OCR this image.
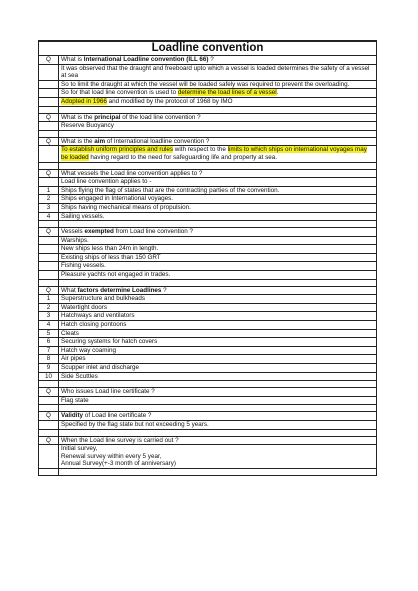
Loadline convention	
Q	What is International Loadline convention (ILL 66) ?
	It was observed that the draught and freeboard upto which a vessel is loaded determines the safety of a vessel at sea
	So to limit the draught at which the vessel will be loaded safely was required to prevent the overloading.
	So for that load line convention is used to determine the load lines of a vessel.
	Adopted in 1966 and modified by the protocol of 1968 by IMO

Q	What is the principal of the load line convention ?
	Reserve Buoyancy

Q	What is the aim of International loadline convention ?
	To establish uniform principles and rules with respect to the limits to which ships on international voyages may be loaded having regard to the need for safeguarding life and property at sea.

Q	What vessels the Load line convention applies to ?
	Load line convention applies to -
1	Ships flying the flag of states that are the contracting parties of the convention.
2	Ships engaged in International voyages.
3	Ships having mechanical means of propulsion.
4	Sailing vessels.

Q	Vessels exempted from Load line convention ?
	Warships.
	New ships less than 24m in length.
	Existing ships of less than 150 GRT
	Fishing vessels.
	Pleasure yachts not engaged in trades.

Q	What factors determine Loadlines ?
1	Superstructure and bulkheads
2	Watertight doors
3	Hatchways and ventilators
4	Hatch closing pontoons
5	Cleats
6	Securing systems for hatch covers
7	Hatch way coaming
8	Air pipes
9	Scupper inlet and discharge
10	Side Scuttles

Q	Who issues Load line certificate ?
	Flag state

Q	Validity of Load line certificate ?
	Specified by the flag state but not exceeding 5 years.

Q	When the Load line survey is carried out ?
	Initial survey,
Renewal survey within every 5 year,
Annual Survey(+-3 month of anniversary)
